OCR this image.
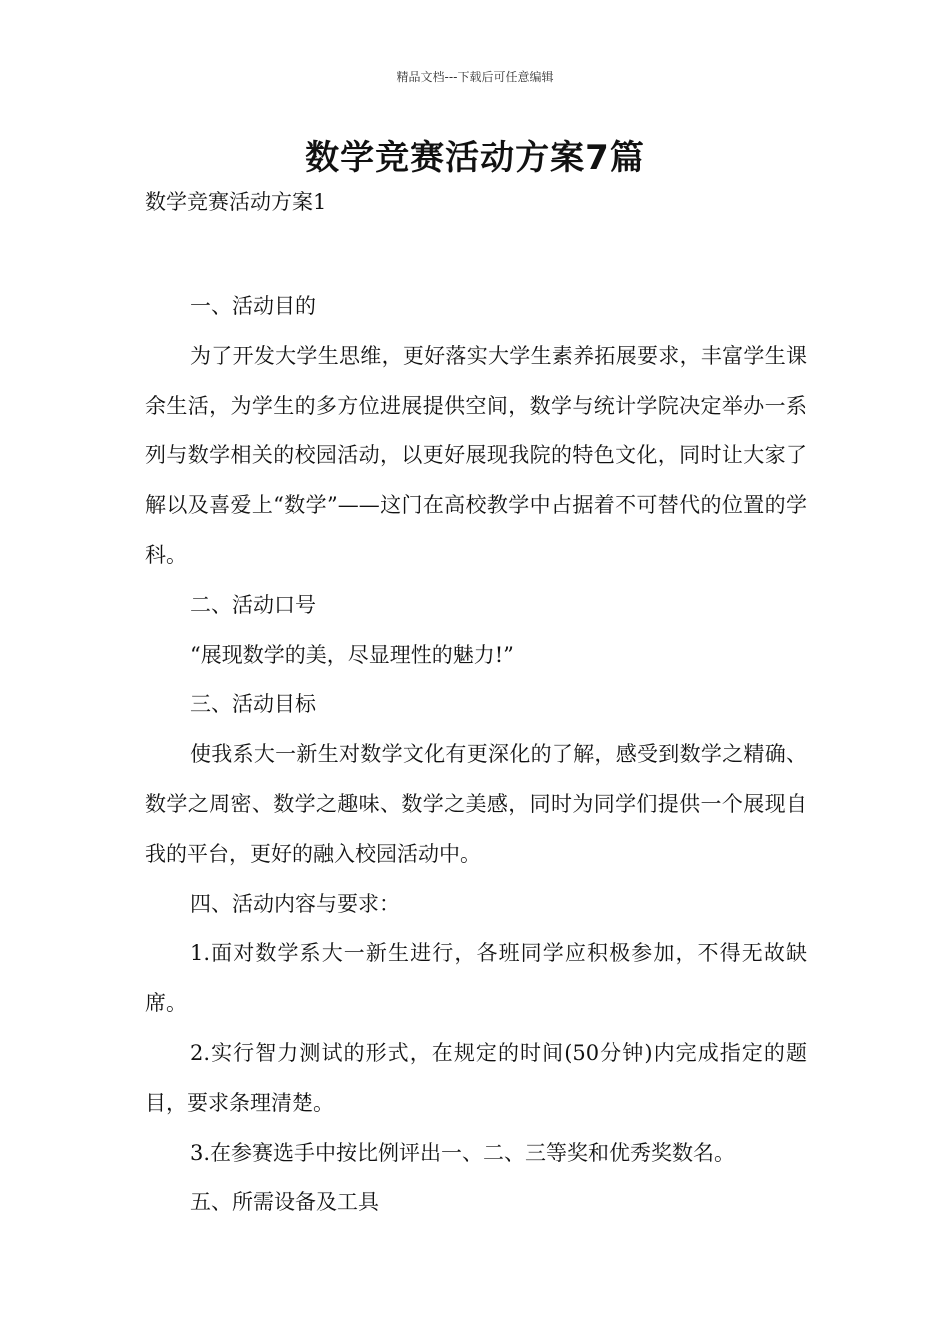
精品文档---下载后可任意编辑
数学竞赛活动方案7篇
数学竞赛活动方案1

一、活动目的

为了开发大学生思维，更好落实大学生素养拓展要求，丰富学生课余生活，为学生的多方位进展提供空间，数学与统计学院决定举办一系列与数学相关的校园活动，以更好展现我院的特色文化，同时让大家了解以及喜爱上“数学”——这门在高校教学中占据着不可替代的位置的学科。

二、活动口号

“展现数学的美，尽显理性的魅力!”

三、活动目标

使我系大一新生对数学文化有更深化的了解，感受到数学之精确、数学之周密、数学之趣味、数学之美感，同时为同学们提供一个展现自我的平台，更好的融入校园活动中。

四、活动内容与要求：

1.面对数学系大一新生进行，各班同学应积极参加，不得无故缺席。

2.实行智力测试的形式，在规定的时间(50分钟)内完成指定的题目，要求条理清楚。

3.在参赛选手中按比例评出一、二、三等奖和优秀奖数名。

五、所需设备及工具
